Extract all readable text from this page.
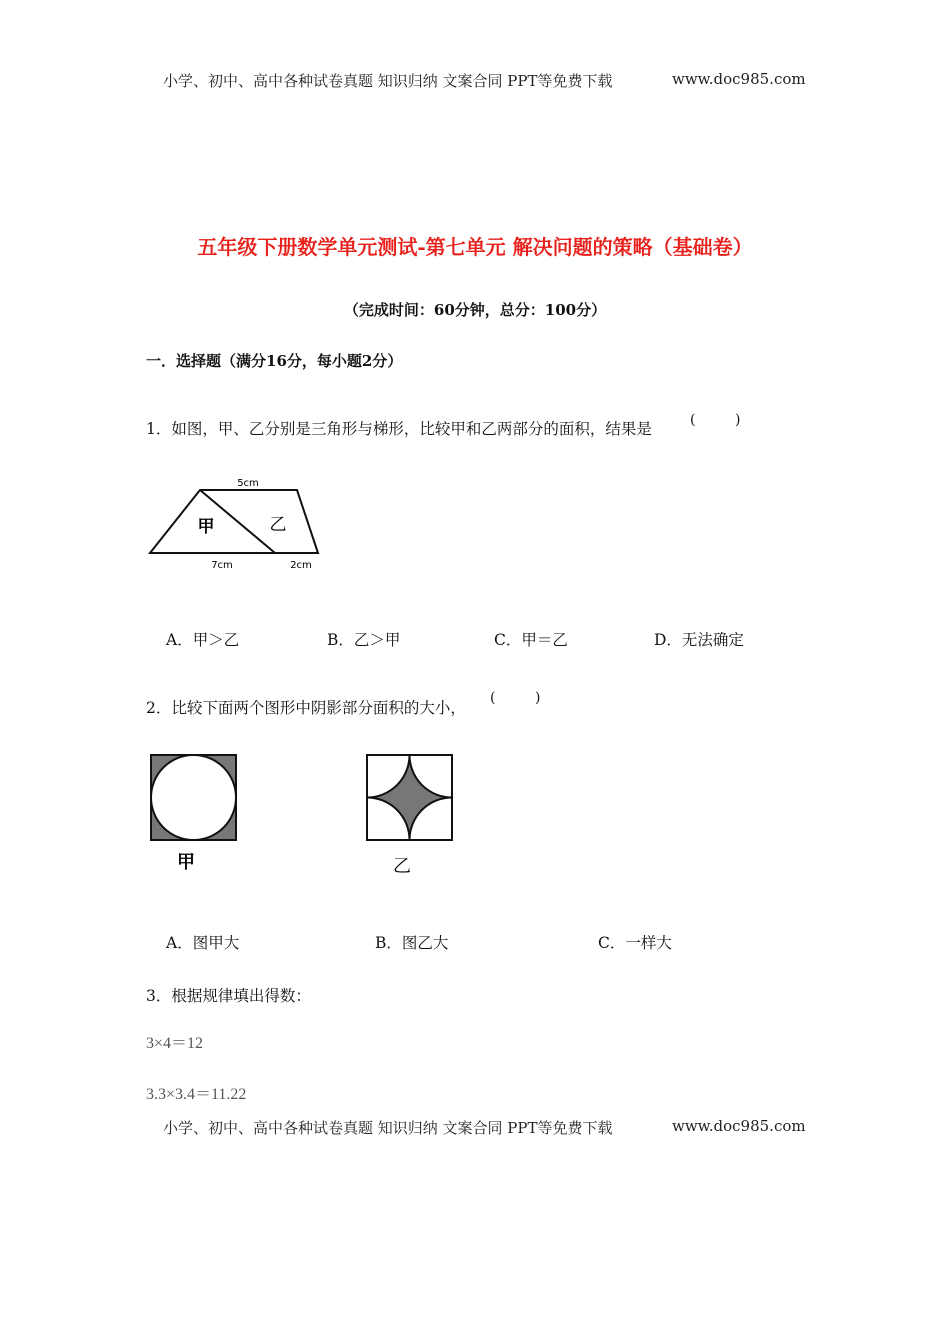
小学、初中、高中各种试卷真题 知识归纳 文案合同 PPT等免费下载	www.doc985.com
五年级下册数学单元测试-第七单元 解决问题的策略（基础卷）
（完成时间：60分钟，总分：100分）
一．选择题（满分16分，每小题2分）
1．如图，甲、乙分别是三角形与梯形，比较甲和乙两部分的面积，结果是	(	)
5cm
7cm	2cm
甲	乙
A．甲＞乙	B．乙＞甲	C．甲＝乙	D．无法确定
2．比较下面两个图形中阴影部分面积的大小，
(	)
甲	乙
A．图甲大	B．图乙大	C．一样大
3．根据规律填出得数：
3×4＝12
3.3×3.4＝11.22
小学、初中、高中各种试卷真题 知识归纳 文案合同 PPT等免费下载	www.doc985.com
